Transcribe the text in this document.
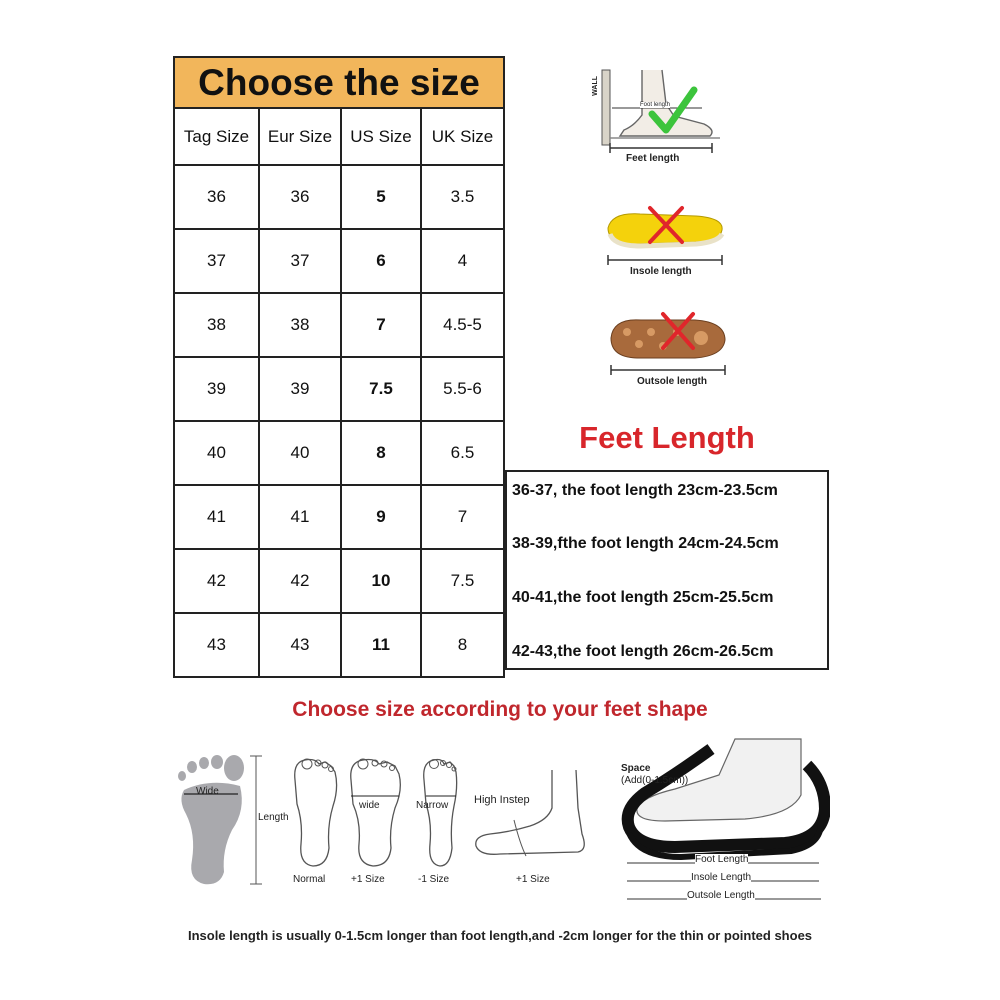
Choose the size			
Tag Size	Eur Size	US Size	UK Size
36	36	5	3.5
37	37	6	4
38	38	7	4.5-5
39	39	7.5	5.5-6
40	40	8	6.5
41	41	9	7
42	42	10	7.5
43	43	11	8
WALL
Foot length
Feet length
Insole length
Outsole length
Feet Length
36-37, the foot length 23cm-23.5cm
38-39,fthe foot length 24cm-24.5cm
40-41,the foot length 25cm-25.5cm
42-43,the foot length 26cm-26.5cm
Choose size according to your feet shape
Wide
Length
Normal
wide
+1 Size
Narrow
-1 Size
High Instep
+1 Size
Space
(Add(0-1.5cm))
Foot Length
Insole Length
Outsole Length
Insole length is usually 0-1.5cm longer than foot length,and -2cm longer for the thin or pointed shoes
